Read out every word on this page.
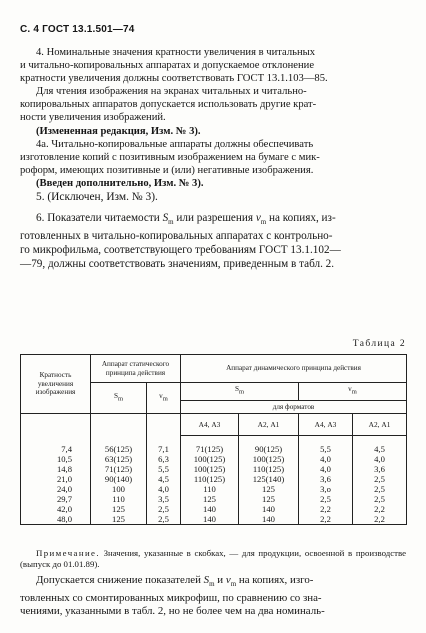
С. 4 ГОСТ 13.1.501—74
4. Номинальные значения кратности увеличения в читальных
и читально-копировальных аппаратах и допускаемое отклонение
кратности увеличения должны соответствовать ГОСТ 13.1.103—85.
Для чтения изображения на экранах читальных и читально-
копировальных аппаратов допускается использовать другие крат-
ности увеличения изображений.
(Измененная редакция, Изм. № 3).
4а. Читально-копировальные аппараты должны обеспечивать
изготовление копий с позитивным изображением на бумаге с мик-
роформ, имеющих позитивные и (или) негативные изображения.
(Введен дополнительно, Изм. № 3).
5. (Исключен, Изм. № 3).
6. Показатели читаемости $S_m$ или разрешения $v_m$ на копиях, из-
готовленных в читально-копировальных аппаратах с контрольно-
го микрофильма, соответствующего требованиям ГОСТ 13.1.102—
—79, должны соответствовать значениям, приведенным в табл. 2.
Таблица 2
Кратность увеличения изображения	Аппарат статического принципа действия		Аппарат динамического принципа действия			
	$S_m$	$v_m$	$S_m$		$v_m$
			для форматов			
			А4, А3	А2, А1	А4, А3	А2, А1

7,4	56(125)	7,1	71(125)	90(125)	5,5	4,5
10,5	63(125)	6,3	100(125)	100(125)	4,0	4,0
14,8	71(125)	5,5	100(125)	110(125)	4,0	3,6
21,0	90(140)	4,5	110(125)	125(140)	3,6	2,5
24,0	100	4,0	110	125	3,o	2,5
29,7	110	3,5	125	125	2,5	2,5
42,0	125	2,5	140	140	2,2	2,2
48,0	125	2,5	140	140	2,2	2,2
Примечание. Значения, указанные в скобках, — для продукции, освоенной в производстве (выпуск до 01.01.89).
Допускается снижение показателей $S_m$ и $v_m$ на копиях, изго-
товленных со смонтированных микрофиш, по сравнению со зна-
чениями, указанными в табл. 2, но не более чем на два номиналь-
